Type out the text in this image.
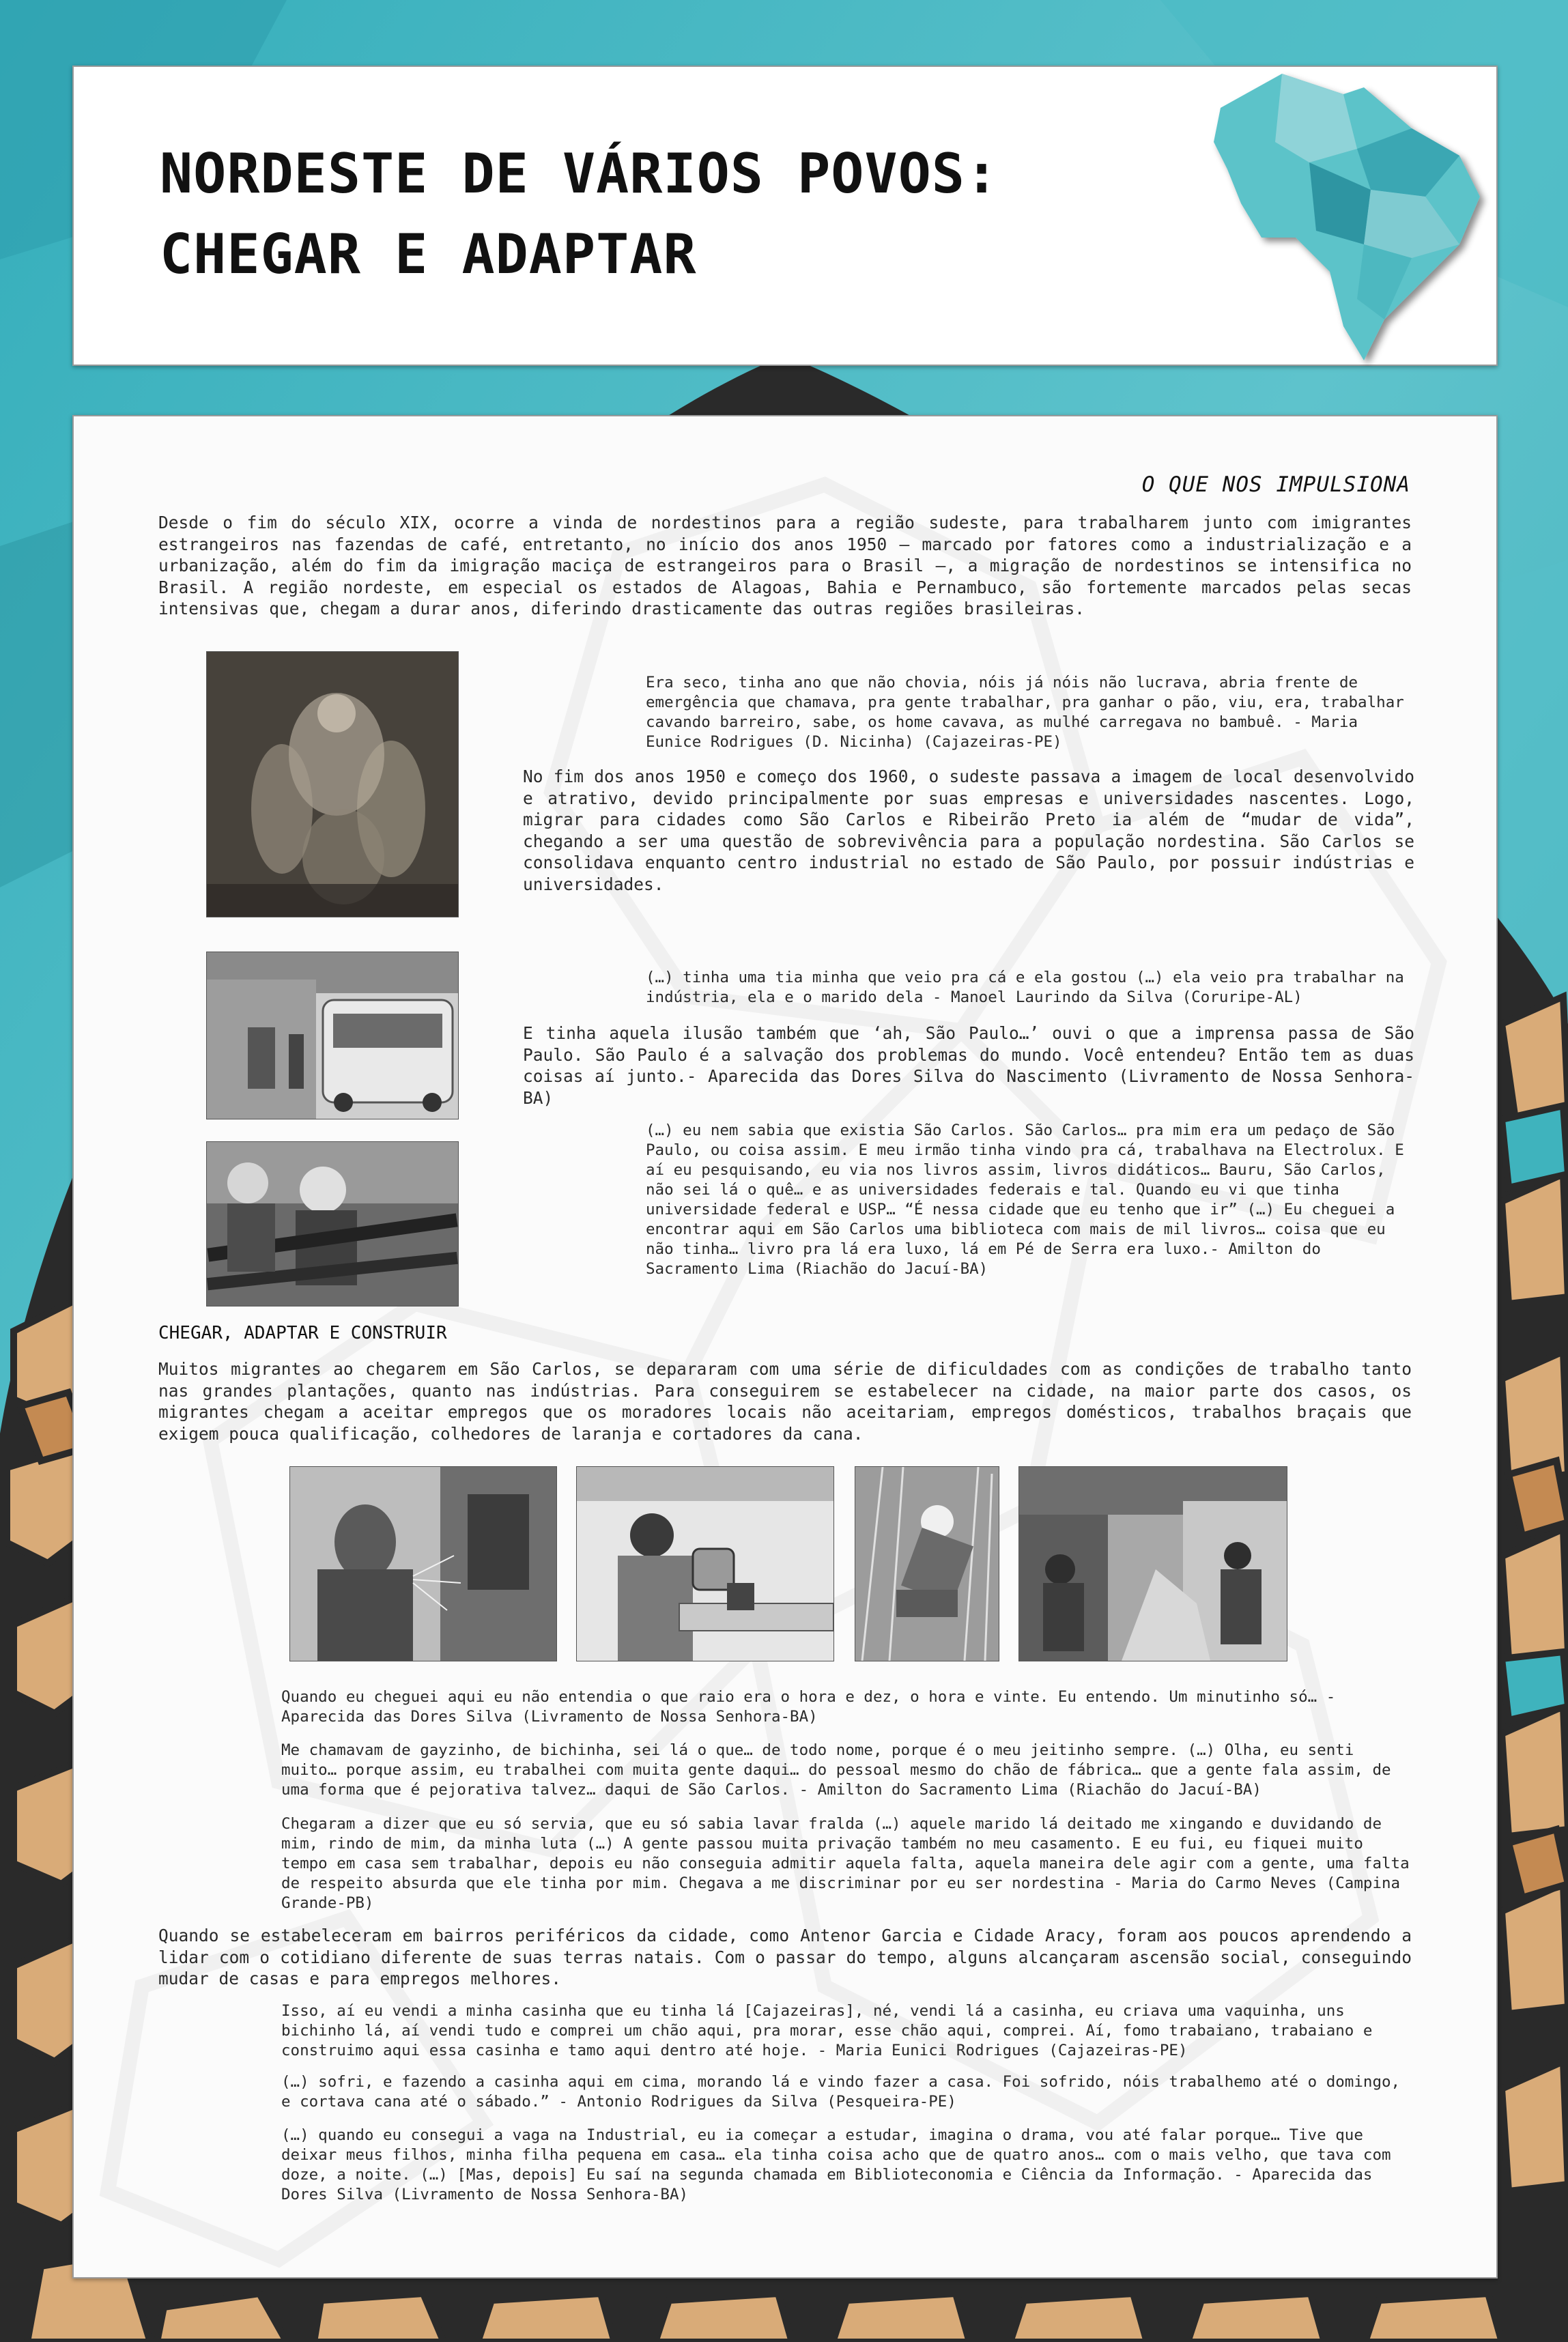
NORDESTE DE VÁRIOS POVOS:
CHEGAR E ADAPTAR

O QUE NOS IMPULSIONA

Desde o fim do século XIX, ocorre a vinda de nordestinos para a região sudeste, para trabalharem junto com imigrantes estrangeiros nas fazendas de café, entretanto, no início dos anos 1950 – marcado por fatores como a industrialização e a urbanização, além do fim da imigração maciça de estrangeiros para o Brasil –, a migração de nordestinos se intensifica no Brasil. A região nordeste, em especial os estados de Alagoas, Bahia e Pernambuco, são fortemente marcados pelas secas intensivas que, chegam a durar anos, diferindo drasticamente das outras regiões brasileiras.

Era seco, tinha ano que não chovia, nóis já nóis não lucrava, abria frente de emergência que chamava, pra gente trabalhar, pra ganhar o pão, viu, era, trabalhar cavando barreiro, sabe, os home cavava, as mulhé carregava no bambuê. - Maria Eunice Rodrigues (D. Nicinha) (Cajazeiras-PE)

No fim dos anos 1950 e começo dos 1960, o sudeste passava a imagem de local desenvolvido e atrativo, devido principalmente por suas empresas e universidades nascentes. Logo, migrar para cidades como São Carlos e Ribeirão Preto ia além de “mudar de vida”, chegando a ser uma questão de sobrevivência para a população nordestina. São Carlos se consolidava enquanto centro industrial no estado de São Paulo, por possuir indústrias e universidades.

(…) tinha uma tia minha que veio pra cá e ela gostou (…) ela veio pra trabalhar na indústria, ela e o marido dela - Manoel Laurindo da Silva (Coruripe-AL)

E tinha aquela ilusão também que ‘ah, São Paulo…’ ouvi o que a imprensa passa de São Paulo. São Paulo é a salvação dos problemas do mundo. Você entendeu? Então tem as duas coisas aí junto.- Aparecida das Dores Silva do Nascimento (Livramento de Nossa Senhora-BA)

(…) eu nem sabia que existia São Carlos. São Carlos… pra mim era um pedaço de São Paulo, ou coisa assim. E meu irmão tinha vindo pra cá, trabalhava na Electrolux. E aí eu pesquisando, eu via nos livros assim, livros didáticos… Bauru, São Carlos, não sei lá o quê… e as universidades federais e tal. Quando eu vi que tinha universidade federal e USP… “É nessa cidade que eu tenho que ir” (…) Eu cheguei a encontrar aqui em São Carlos uma biblioteca com mais de mil livros… coisa que eu não tinha… livro pra lá era luxo, lá em Pé de Serra era luxo.- Amilton do Sacramento Lima (Riachão do Jacuí-BA)

CHEGAR, ADAPTAR E CONSTRUIR

Muitos migrantes ao chegarem em São Carlos, se depararam com uma série de dificuldades com as condições de trabalho tanto nas grandes plantações, quanto nas indústrias. Para conseguirem se estabelecer na cidade, na maior parte dos casos, os migrantes chegam a aceitar empregos que os moradores locais não aceitariam, empregos domésticos, trabalhos braçais que exigem pouca qualificação, colhedores de laranja e cortadores da cana.

Quando eu cheguei aqui eu não entendia o que raio era o hora e dez, o hora e vinte. Eu entendo. Um minutinho só… - Aparecida das Dores Silva (Livramento de Nossa Senhora-BA)

Me chamavam de gayzinho, de bichinha, sei lá o que… de todo nome, porque é o meu jeitinho sempre. (…) Olha, eu senti muito… porque assim, eu trabalhei com muita gente daqui… do pessoal mesmo do chão de fábrica… que a gente fala assim, de uma forma que é pejorativa talvez… daqui de São Carlos. - Amilton do Sacramento Lima (Riachão do Jacuí-BA)

Chegaram a dizer que eu só servia, que eu só sabia lavar fralda (…) aquele marido lá deitado me xingando e duvidando de mim, rindo de mim, da minha luta (…) A gente passou muita privação também no meu casamento. E eu fui, eu fiquei muito tempo em casa sem trabalhar, depois eu não conseguia admitir aquela falta, aquela maneira dele agir com a gente, uma falta de respeito absurda que ele tinha por mim. Chegava a me discriminar por eu ser nordestina - Maria do Carmo Neves (Campina Grande-PB)

Quando se estabeleceram em bairros periféricos da cidade, como Antenor Garcia e Cidade Aracy, foram aos poucos aprendendo a lidar com o cotidiano diferente de suas terras natais. Com o passar do tempo, alguns alcançaram ascensão social, conseguindo mudar de casas e para empregos melhores.

Isso, aí eu vendi a minha casinha que eu tinha lá [Cajazeiras], né, vendi lá a casinha, eu criava uma vaquinha, uns bichinho lá, aí vendi tudo e comprei um chão aqui, pra morar, esse chão aqui, comprei. Aí, fomo trabaiano, trabaiano e construimo aqui essa casinha e tamo aqui dentro até hoje. - Maria Eunici Rodrigues (Cajazeiras-PE)

(…) sofri, e fazendo a casinha aqui em cima, morando lá e vindo fazer a casa. Foi sofrido, nóis trabalhemo até o domingo, e cortava cana até o sábado.” - Antonio Rodrigues da Silva (Pesqueira-PE)

(…) quando eu consegui a vaga na Industrial, eu ia começar a estudar, imagina o drama, vou até falar porque… Tive que deixar meus filhos, minha filha pequena em casa… ela tinha coisa acho que de quatro anos… com o mais velho, que tava com doze, a noite. (…) [Mas, depois] Eu saí na segunda chamada em Biblioteconomia e Ciência da Informação. - Aparecida das Dores Silva (Livramento de Nossa Senhora-BA)
